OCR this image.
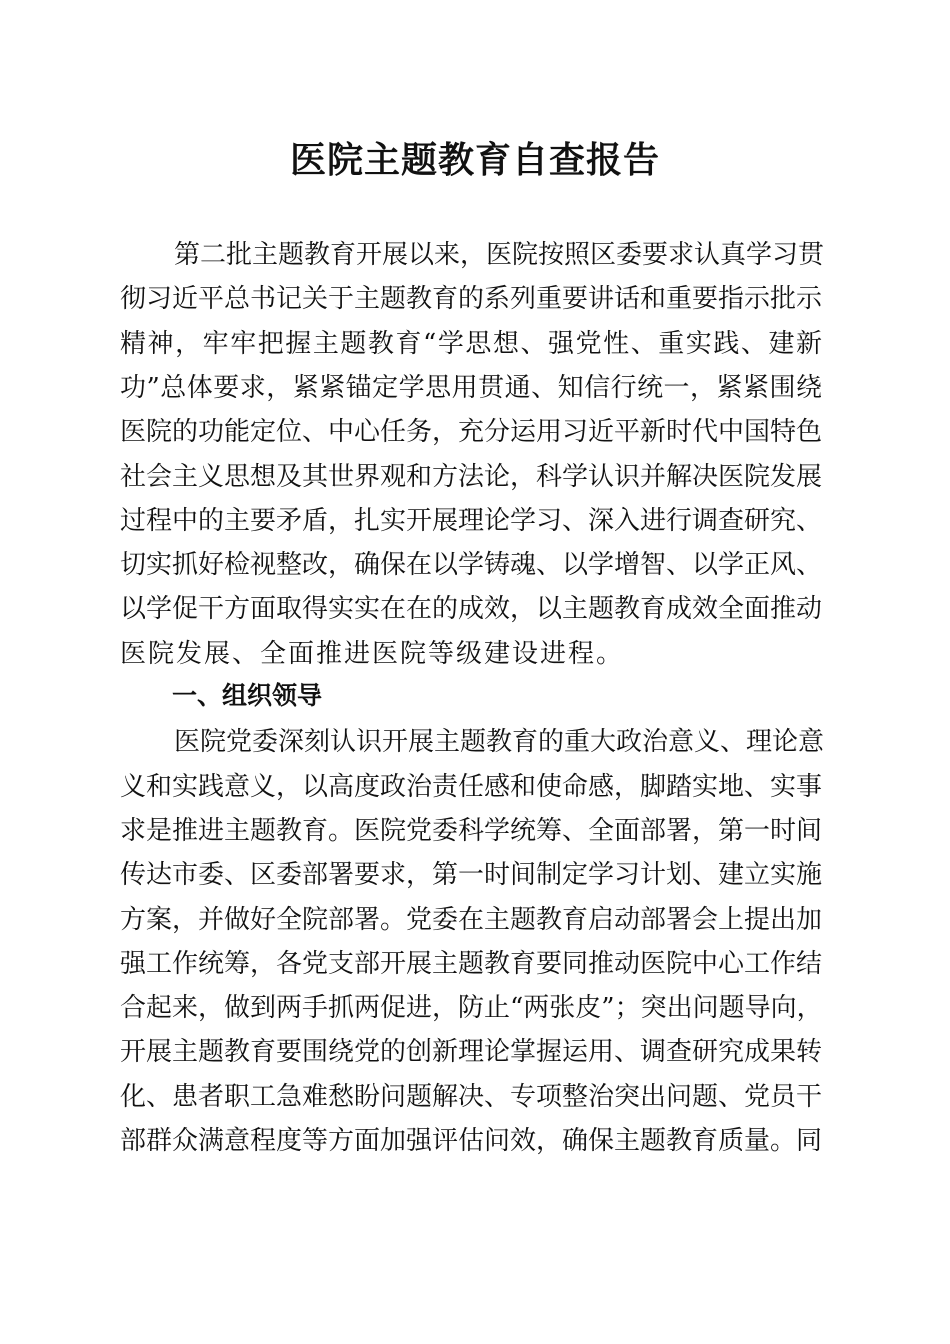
医院主题教育自查报告
第二批主题教育开展以来，医院按照区委要求认真学习贯
彻习近平总书记关于主题教育的系列重要讲话和重要指示批示
精神，牢牢把握主题教育“学思想、强党性、重实践、建新
功”总体要求，紧紧锚定学思用贯通、知信行统一，紧紧围绕
医院的功能定位、中心任务，充分运用习近平新时代中国特色
社会主义思想及其世界观和方法论，科学认识并解决医院发展
过程中的主要矛盾，扎实开展理论学习、深入进行调查研究、
切实抓好检视整改，确保在以学铸魂、以学增智、以学正风、
以学促干方面取得实实在在的成效，以主题教育成效全面推动
医院发展、全面推进医院等级建设进程。
医院党委深刻认识开展主题教育的重大政治意义、理论意
义和实践意义，以高度政治责任感和使命感，脚踏实地、实事
求是推进主题教育。医院党委科学统筹、全面部署，第一时间
传达市委、区委部署要求，第一时间制定学习计划、建立实施
方案，并做好全院部署。党委在主题教育启动部署会上提出加
强工作统筹，各党支部开展主题教育要同推动医院中心工作结
合起来，做到两手抓两促进，防止“两张皮”；突出问题导向，
开展主题教育要围绕党的创新理论掌握运用、调查研究成果转
化、患者职工急难愁盼问题解决、专项整治突出问题、党员干
部群众满意程度等方面加强评估问效，确保主题教育质量。同
一、组织领导
